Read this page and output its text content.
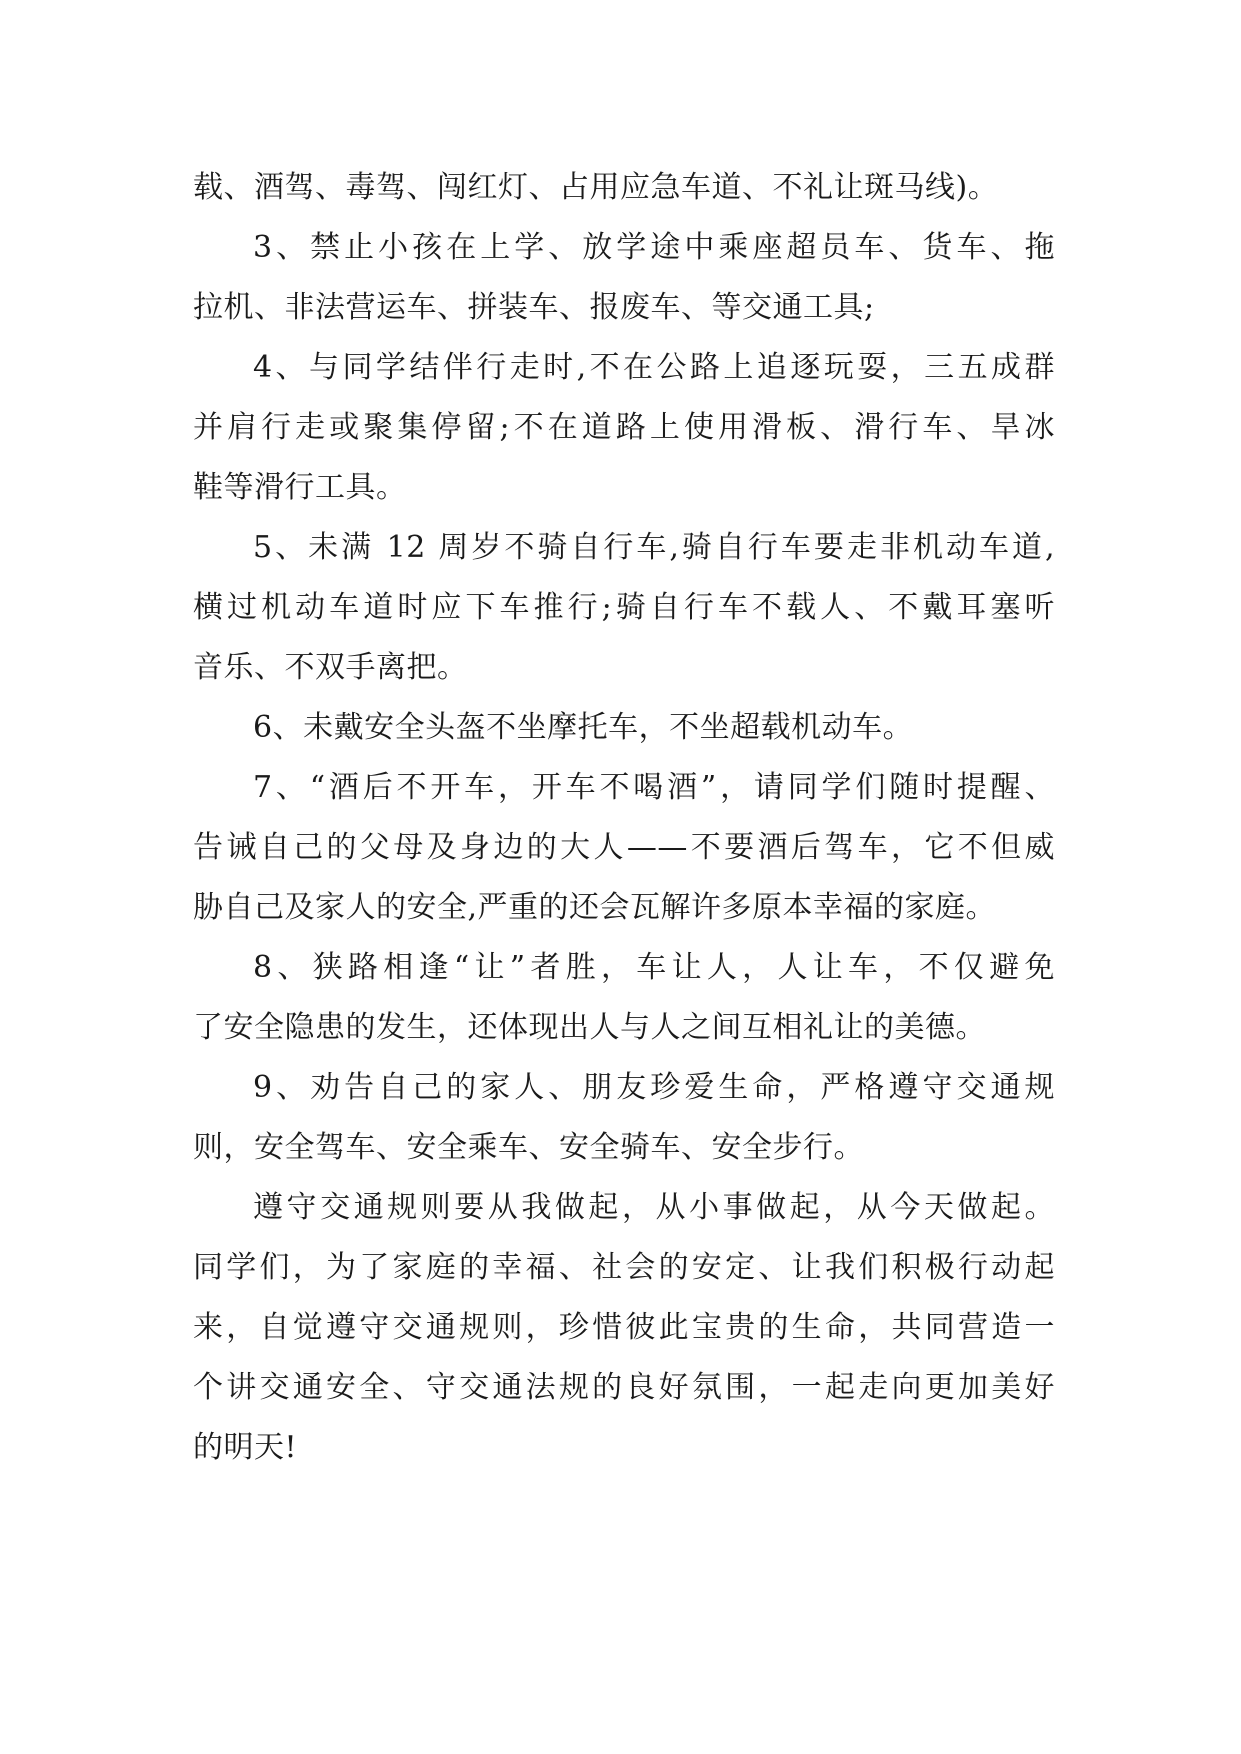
载、酒驾、毒驾、闯红灯、占用应急车道、不礼让斑马线)。
3、禁止小孩在上学、放学途中乘座超员车、货车、拖
拉机、非法营运车、拼装车、报废车、等交通工具;
4、与同学结伴行走时,不在公路上追逐玩耍，三五成群
并肩行走或聚集停留;不在道路上使用滑板、滑行车、旱冰
鞋等滑行工具。
5、未满 12 周岁不骑自行车,骑自行车要走非机动车道,
横过机动车道时应下车推行;骑自行车不载人、不戴耳塞听
音乐、不双手离把。
6、未戴安全头盔不坐摩托车，不坐超载机动车。
7、“酒后不开车，开车不喝酒”，请同学们随时提醒、
告诫自己的父母及身边的大人——不要酒后驾车，它不但威
胁自己及家人的安全,严重的还会瓦解许多原本幸福的家庭。
8、狭路相逢“让”者胜，车让人，人让车，不仅避免
了安全隐患的发生，还体现出人与人之间互相礼让的美德。
9、劝告自己的家人、朋友珍爱生命，严格遵守交通规
则，安全驾车、安全乘车、安全骑车、安全步行。
遵守交通规则要从我做起，从小事做起，从今天做起。
同学们，为了家庭的幸福、社会的安定、让我们积极行动起
来，自觉遵守交通规则，珍惜彼此宝贵的生命，共同营造一
个讲交通安全、守交通法规的良好氛围，一起走向更加美好
的明天!
